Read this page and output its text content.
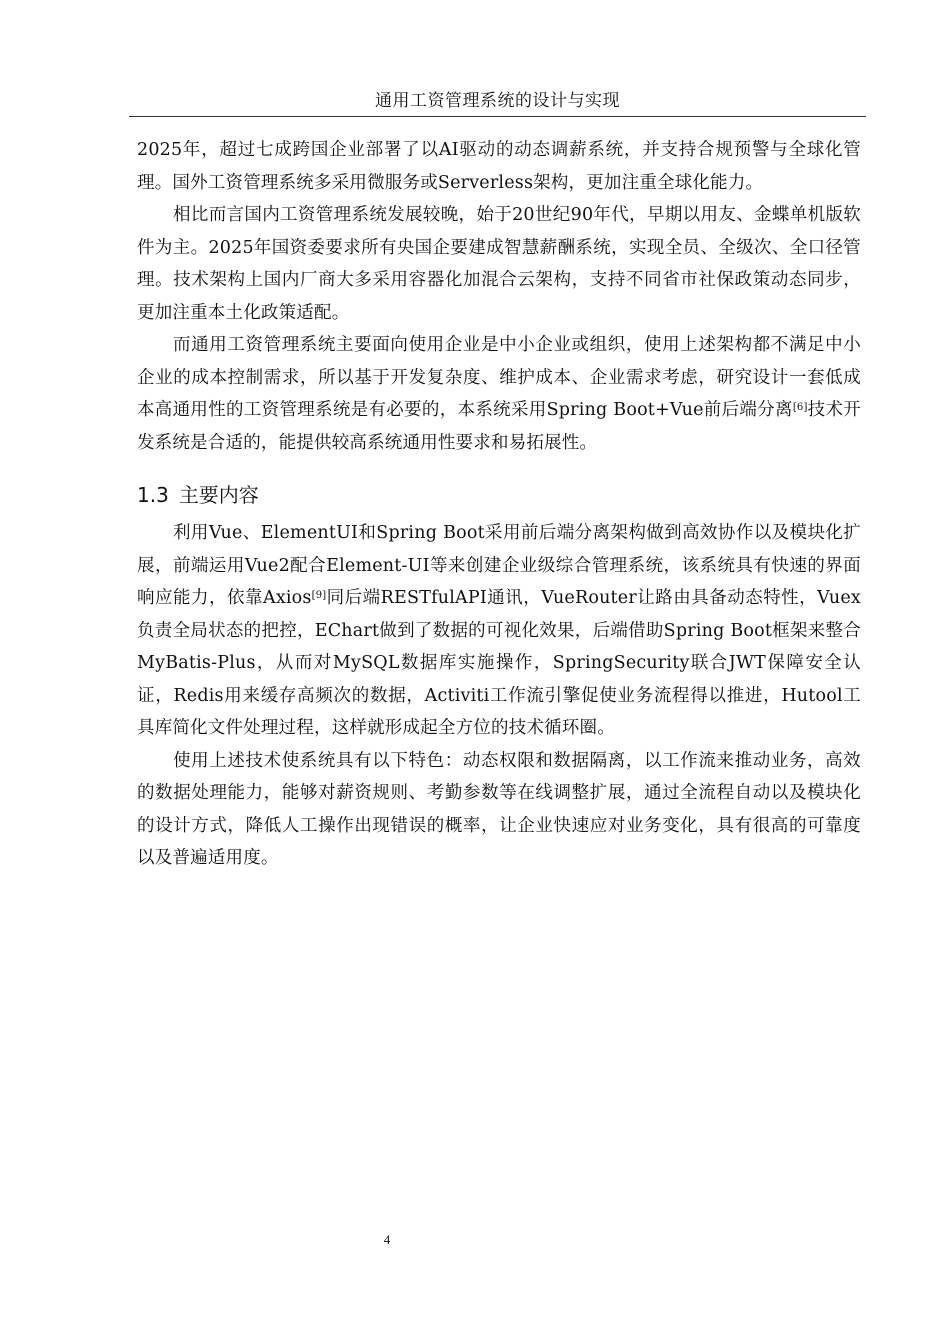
通用工资管理系统的设计与实现

2025年，超过七成跨国企业部署了以AI驱动的动态调薪系统，并支持合规预警与全球化管理。国外工资管理系统多采用微服务或Serverless架构，更加注重全球化能力。

相比而言国内工资管理系统发展较晚，始于20世纪90年代，早期以用友、金蝶单机版软件为主。2025年国资委要求所有央国企要建成智慧薪酬系统，实现全员、全级次、全口径管理。技术架构上国内厂商大多采用容器化加混合云架构，支持不同省市社保政策动态同步，更加注重本土化政策适配。

而通用工资管理系统主要面向使用企业是中小企业或组织，使用上述架构都不满足中小企业的成本控制需求，所以基于开发复杂度、维护成本、企业需求考虑，研究设计一套低成本高通用性的工资管理系统是有必要的，本系统采用Spring Boot+Vue前后端分离[6]技术开发系统是合适的，能提供较高系统通用性要求和易拓展性。

1.3 主要内容

利用Vue、ElementUI和Spring Boot采用前后端分离架构做到高效协作以及模块化扩展，前端运用Vue2配合Element-UI等来创建企业级综合管理系统，该系统具有快速的界面响应能力，依靠Axios[9]同后端RESTfulAPI通讯，VueRouter让路由具备动态特性，Vuex负责全局状态的把控，EChart做到了数据的可视化效果，后端借助Spring Boot框架来整合MyBatis-Plus，从而对MySQL数据库实施操作，SpringSecurity联合JWT保障安全认证，Redis用来缓存高频次的数据，Activiti工作流引擎促使业务流程得以推进，Hutool工具库简化文件处理过程，这样就形成起全方位的技术循环圈。

使用上述技术使系统具有以下特色：动态权限和数据隔离，以工作流来推动业务，高效的数据处理能力，能够对薪资规则、考勤参数等在线调整扩展，通过全流程自动以及模块化的设计方式，降低人工操作出现错误的概率，让企业快速应对业务变化，具有很高的可靠度以及普遍适用度。

4
